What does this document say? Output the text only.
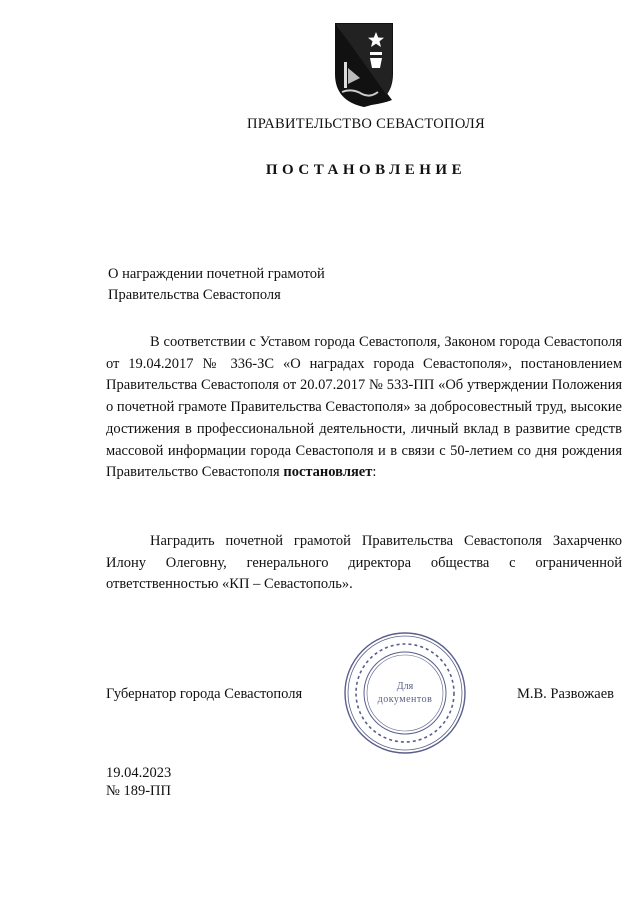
ПРАВИТЕЛЬСТВО СЕВАСТОПОЛЯ
ПОСТАНОВЛЕНИЕ
О награждении почетной грамотой
Правительства Севастополя
В соответствии с Уставом города Севастополя, Законом города Севастополя от 19.04.2017 № 336-ЗС «О наградах города Севастополя», постановлением Правительства Севастополя от 20.07.2017 № 533-ПП «Об утверждении Положения о почетной грамоте Правительства Севастополя» за добросовестный труд, высокие достижения в профессиональной деятельности, личный вклад в развитие средств массовой информации города Севастополя и в связи с 50-летием со дня рождения Правительство Севастополя постановляет:
Наградить почетной грамотой Правительства Севастополя Захарченко Илону Олеговну, генерального директора общества с ограниченной ответственностью «КП – Севастополь».
Для
документов
Губернатор города Севастополя	М.В. Развожаев
19.04.2023
№ 189-ПП
